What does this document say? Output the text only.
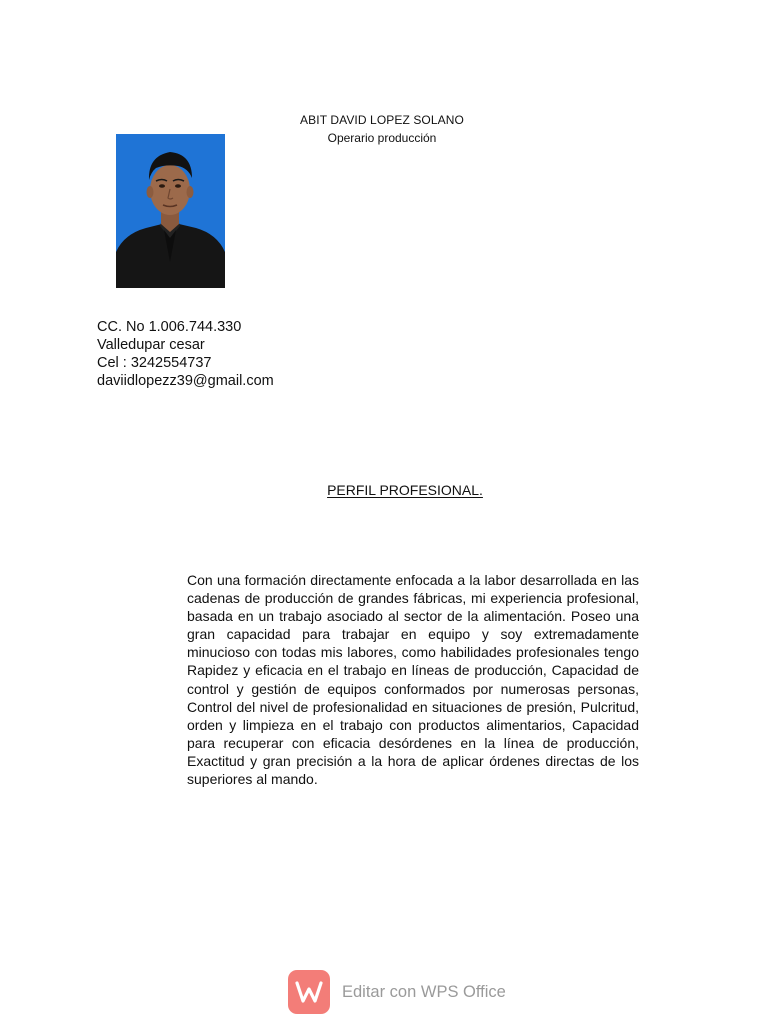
ABIT DAVID LOPEZ SOLANO
Operario producción
CC. No 1.006.744.330
Valledupar cesar
Cel : 3242554737
daviidlopezz39@gmail.com
PERFIL PROFESIONAL.
Con una formación directamente enfocada a la labor desarrollada en las cadenas de producción de grandes fábricas, mi experiencia profesional, basada en un trabajo asociado al sector de la alimentación. Poseo una gran capacidad para trabajar en equipo y soy extremadamente minucioso con todas mis labores, como habilidades profesionales tengo Rapidez y eficacia en el trabajo en líneas de producción, Capacidad de control y gestión de equipos conformados por numerosas personas, Control del nivel de profesionalidad en situaciones de presión, Pulcritud, orden y limpieza en el trabajo con productos alimentarios, Capacidad para recuperar con eficacia desórdenes en la línea de producción, Exactitud y gran precisión a la hora de aplicar órdenes directas de los superiores al mando.
Editar con WPS Office
